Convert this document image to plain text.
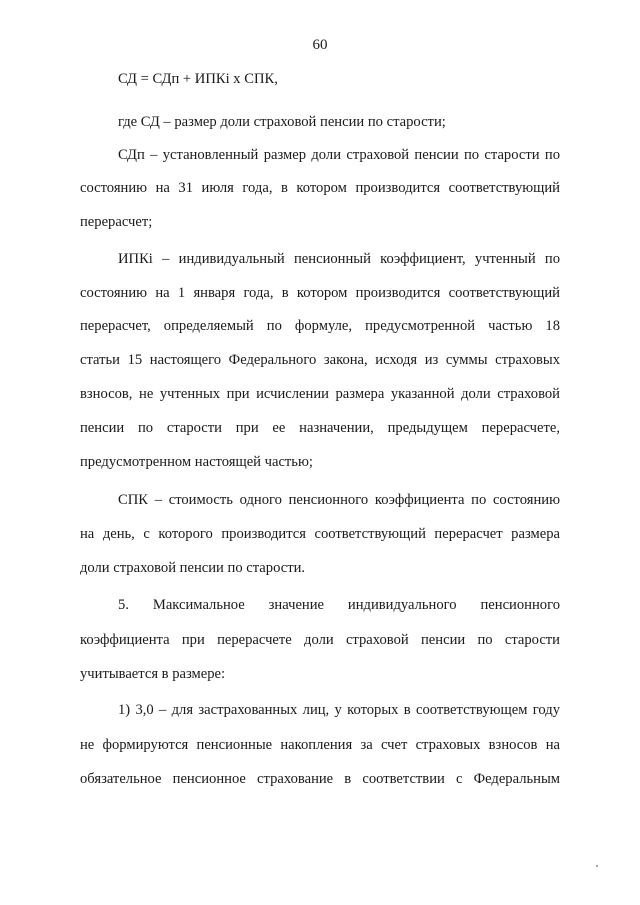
60
СД = СДп + ИПКi х СПК,
где СД – размер доли страховой пенсии по старости;
СДп – установленный размер доли страховой пенсии по старости по
состоянию на 31 июля года, в котором производится соответствующий
перерасчет;
ИПКi – индивидуальный пенсионный коэффициент, учтенный по
состоянию на 1 января года, в котором производится соответствующий
перерасчет, определяемый по формуле, предусмотренной частью 18
статьи 15 настоящего Федерального закона, исходя из суммы страховых
взносов, не учтенных при исчислении размера указанной доли страховой
пенсии по старости при ее назначении, предыдущем перерасчете,
предусмотренном настоящей частью;
СПК – стоимость одного пенсионного коэффициента по состоянию
на день, с которого производится соответствующий перерасчет размера
доли страховой пенсии по старости.
5. Максимальное значение индивидуального пенсионного
коэффициента при перерасчете доли страховой пенсии по старости
учитывается в размере:
1) 3,0 – для застрахованных лиц, у которых в соответствующем году
не формируются пенсионные накопления за счет страховых взносов на
обязательное пенсионное страхование в соответствии с Федеральным
